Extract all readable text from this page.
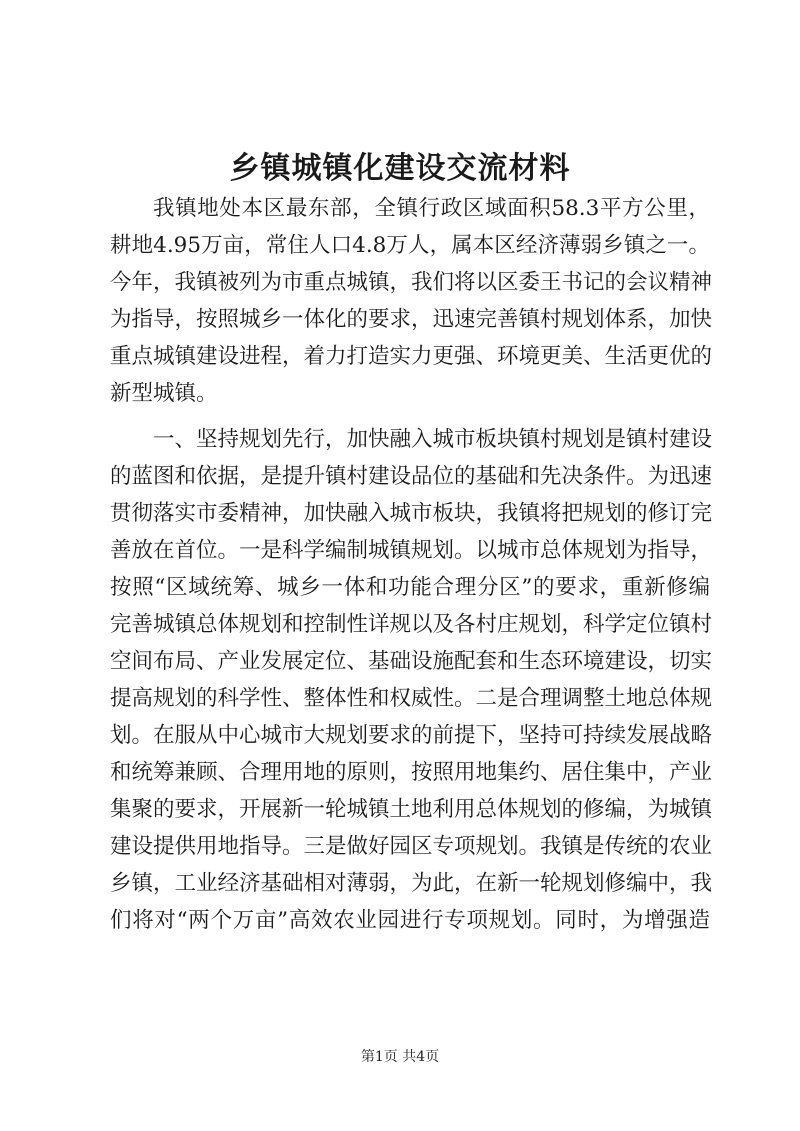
乡镇城镇化建设交流材料
我镇地处本区最东部，全镇行政区域面积58.3平方公里，
耕地4.95万亩，常住人口4.8万人，属本区经济薄弱乡镇之一。
今年，我镇被列为市重点城镇，我们将以区委王书记的会议精神
为指导，按照城乡一体化的要求，迅速完善镇村规划体系，加快
重点城镇建设进程，着力打造实力更强、环境更美、生活更优的
新型城镇。
一、坚持规划先行，加快融入城市板块镇村规划是镇村建设
的蓝图和依据，是提升镇村建设品位的基础和先决条件。为迅速
贯彻落实市委精神，加快融入城市板块，我镇将把规划的修订完
善放在首位。一是科学编制城镇规划。以城市总体规划为指导，
按照“区域统筹、城乡一体和功能合理分区”的要求，重新修编
完善城镇总体规划和控制性详规以及各村庄规划，科学定位镇村
空间布局、产业发展定位、基础设施配套和生态环境建设，切实
提高规划的科学性、整体性和权威性。二是合理调整土地总体规
划。在服从中心城市大规划要求的前提下，坚持可持续发展战略
和统筹兼顾、合理用地的原则，按照用地集约、居住集中，产业
集聚的要求，开展新一轮城镇土地利用总体规划的修编，为城镇
建设提供用地指导。三是做好园区专项规划。我镇是传统的农业
乡镇，工业经济基础相对薄弱，为此，在新一轮规划修编中，我
们将对“两个万亩”高效农业园进行专项规划。同时，为增强造
第1页 共4页
